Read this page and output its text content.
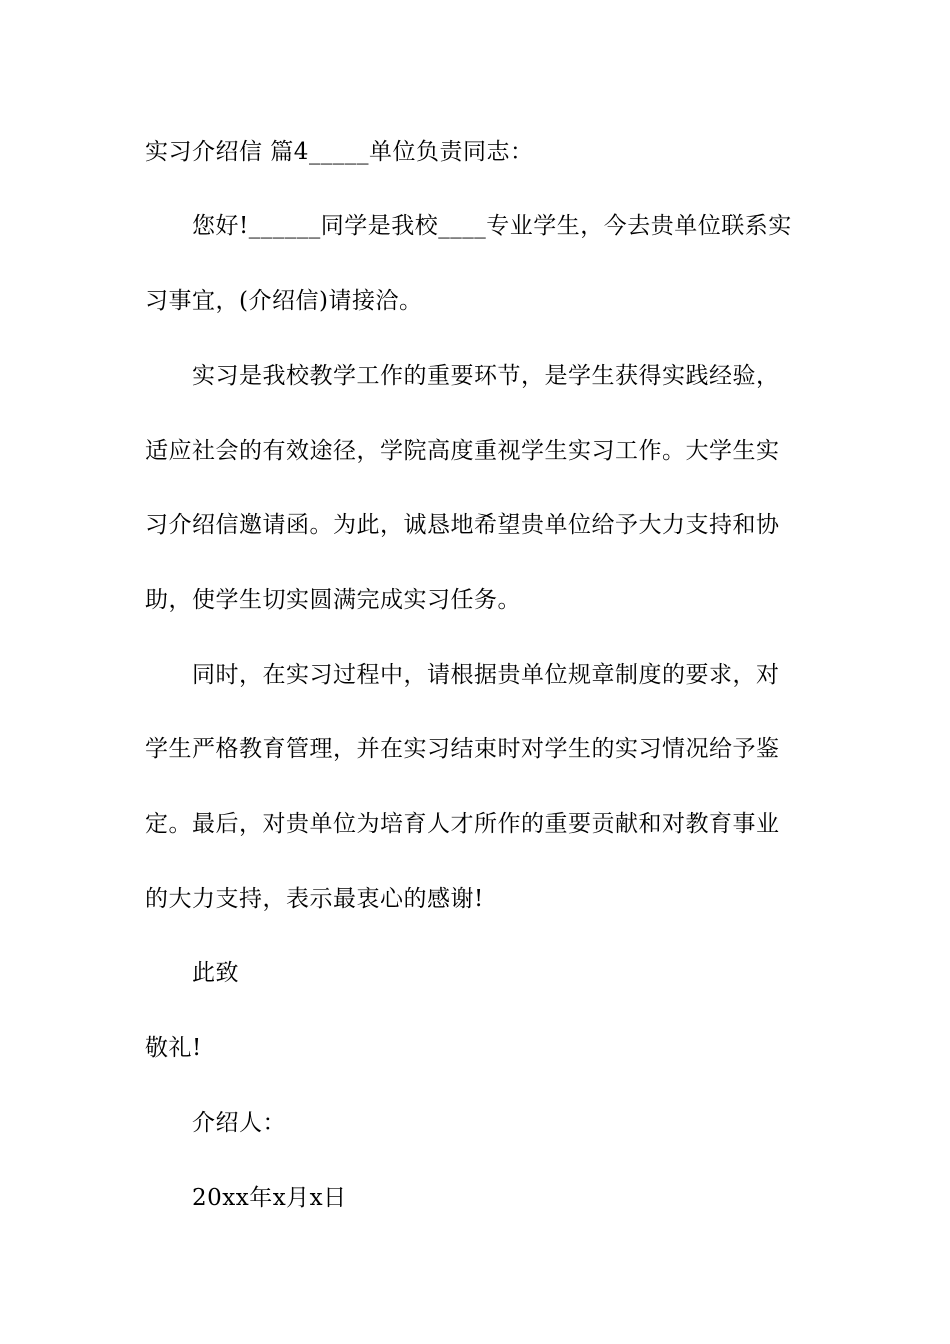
实习介绍信 篇4_____单位负责同志：
您好!______同学是我校____专业学生，今去贵单位联系实
习事宜，(介绍信)请接洽。
实习是我校教学工作的重要环节，是学生获得实践经验，
适应社会的有效途径，学院高度重视学生实习工作。大学生实
习介绍信邀请函。为此，诚恳地希望贵单位给予大力支持和协
助，使学生切实圆满完成实习任务。
同时，在实习过程中，请根据贵单位规章制度的要求，对
学生严格教育管理，并在实习结束时对学生的实习情况给予鉴
定。最后，对贵单位为培育人才所作的重要贡献和对教育事业
的大力支持，表示最衷心的感谢!
此致
敬礼!
介绍人：
20xx年x月x日
